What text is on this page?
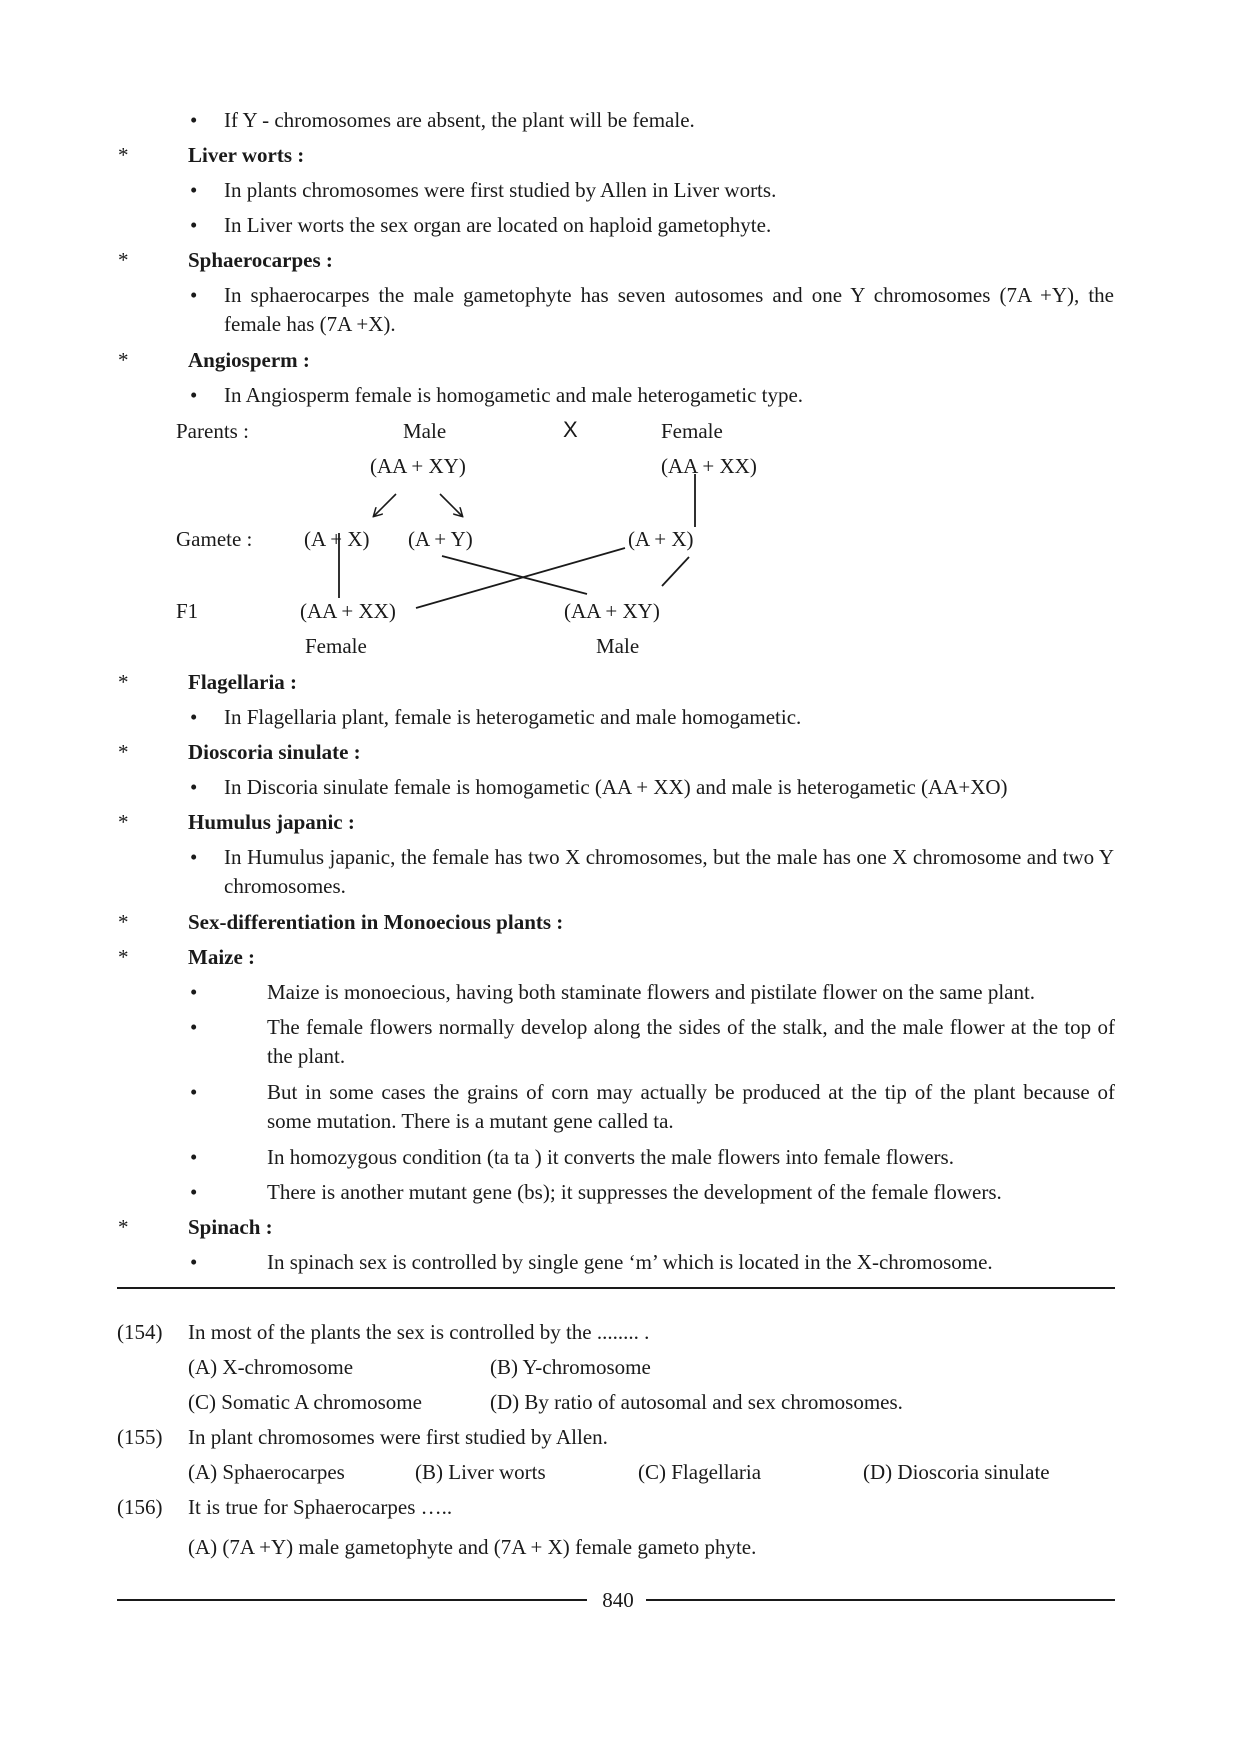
• If Y - chromosomes are absent, the plant will be female.
*	Liver worts :
• In plants chromosomes were first studied by Allen in Liver worts.
• In Liver worts the sex organ are located on haploid gametophyte.
*	Sphaerocarpes :
• In sphaerocarpes the male gametophyte has seven autosomes and one Y chromosomes (7A +Y), the female has (7A +X).
*	Angiosperm :
• In Angiosperm female is homogametic and male heterogametic type.
Parents :	Male	X	Female
(AA + XY)	(AA + XX)
Gamete : (A + X) (A + Y)	(A + X)
F1	(AA + XX)	(AA + XY)
Female	Male
*	Flagellaria :
• In Flagellaria plant, female is heterogametic and male homogametic.
*	Dioscoria sinulate :
• In Discoria sinulate female is homogametic (AA + XX) and male is heterogametic (AA+XO)
*	Humulus japanic :
• In Humulus japanic, the female has two X chromosomes, but the male has one X chromosome and two Y chromosomes.
*	Sex-differentiation in Monoecious plants :
*	Maize :
•	Maize is monoecious, having both staminate flowers and pistilate flower on the same plant.
•	The female flowers normally develop along the sides of the stalk, and the male flower at the top of the plant.
•	But in some cases the grains of corn may actually be produced at the tip of the plant because of some mutation. There is a mutant gene called ta.
•	In homozygous condition (ta ta ) it converts the male flowers into female flowers.
•	There is another mutant gene (bs); it suppresses the development of the female flowers.
*	Spinach :
•	In spinach sex is controlled by single gene ‘m’ which is located in the X-chromosome.
(154) In most of the plants the sex is controlled by the ........ .
(A) X-chromosome	(B) Y-chromosome
(C) Somatic A chromosome	(D) By ratio of autosomal and sex chromosomes.
(155) In plant chromosomes were first studied by Allen.
(A) Sphaerocarpes	(B) Liver worts	(C) Flagellaria	(D) Dioscoria sinulate
(156) It is true for Sphaerocarpes …..
(A) (7A +Y) male gametophyte and (7A + X) female gameto phyte.
840
